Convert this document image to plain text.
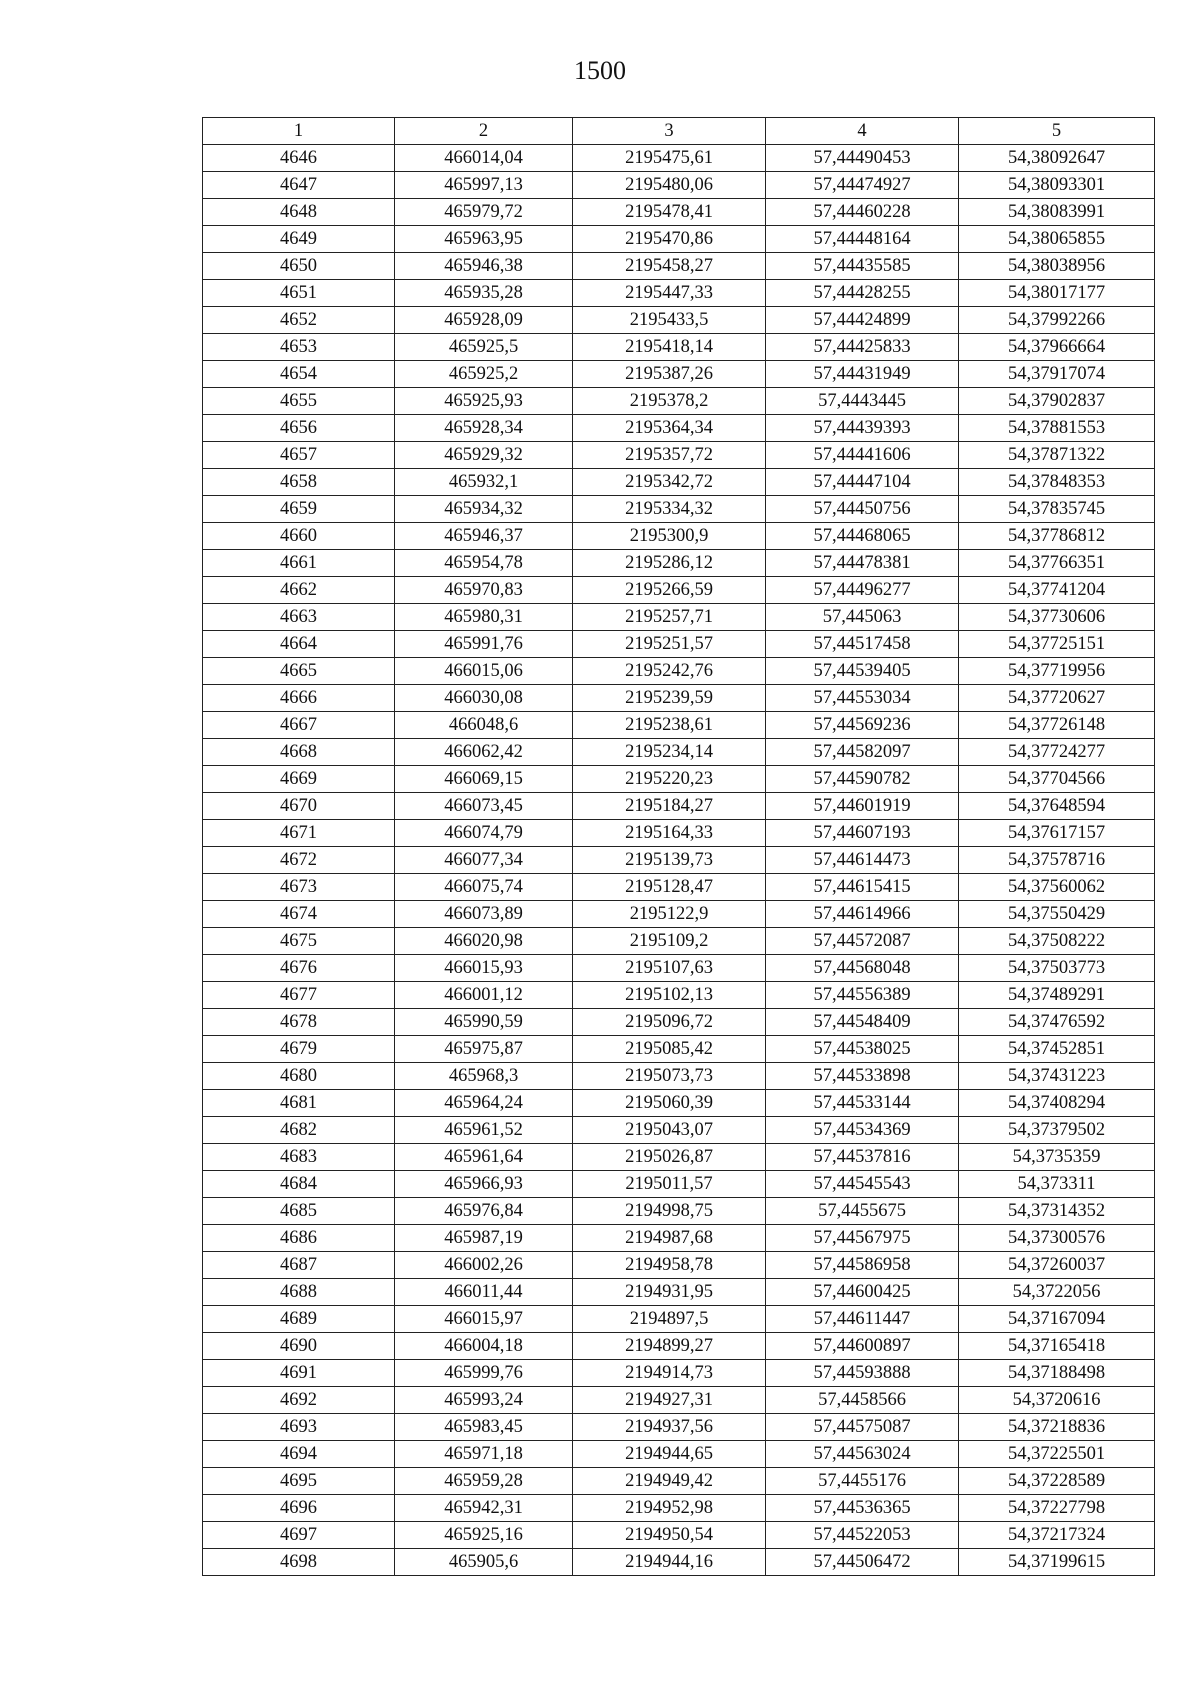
1500
1	2	3	4	5
4646	466014,04	2195475,61	57,44490453	54,38092647
4647	465997,13	2195480,06	57,44474927	54,38093301
4648	465979,72	2195478,41	57,44460228	54,38083991
4649	465963,95	2195470,86	57,44448164	54,38065855
4650	465946,38	2195458,27	57,44435585	54,38038956
4651	465935,28	2195447,33	57,44428255	54,38017177
4652	465928,09	2195433,5	57,44424899	54,37992266
4653	465925,5	2195418,14	57,44425833	54,37966664
4654	465925,2	2195387,26	57,44431949	54,37917074
4655	465925,93	2195378,2	57,4443445	54,37902837
4656	465928,34	2195364,34	57,44439393	54,37881553
4657	465929,32	2195357,72	57,44441606	54,37871322
4658	465932,1	2195342,72	57,44447104	54,37848353
4659	465934,32	2195334,32	57,44450756	54,37835745
4660	465946,37	2195300,9	57,44468065	54,37786812
4661	465954,78	2195286,12	57,44478381	54,37766351
4662	465970,83	2195266,59	57,44496277	54,37741204
4663	465980,31	2195257,71	57,445063	54,37730606
4664	465991,76	2195251,57	57,44517458	54,37725151
4665	466015,06	2195242,76	57,44539405	54,37719956
4666	466030,08	2195239,59	57,44553034	54,37720627
4667	466048,6	2195238,61	57,44569236	54,37726148
4668	466062,42	2195234,14	57,44582097	54,37724277
4669	466069,15	2195220,23	57,44590782	54,37704566
4670	466073,45	2195184,27	57,44601919	54,37648594
4671	466074,79	2195164,33	57,44607193	54,37617157
4672	466077,34	2195139,73	57,44614473	54,37578716
4673	466075,74	2195128,47	57,44615415	54,37560062
4674	466073,89	2195122,9	57,44614966	54,37550429
4675	466020,98	2195109,2	57,44572087	54,37508222
4676	466015,93	2195107,63	57,44568048	54,37503773
4677	466001,12	2195102,13	57,44556389	54,37489291
4678	465990,59	2195096,72	57,44548409	54,37476592
4679	465975,87	2195085,42	57,44538025	54,37452851
4680	465968,3	2195073,73	57,44533898	54,37431223
4681	465964,24	2195060,39	57,44533144	54,37408294
4682	465961,52	2195043,07	57,44534369	54,37379502
4683	465961,64	2195026,87	57,44537816	54,3735359
4684	465966,93	2195011,57	57,44545543	54,373311
4685	465976,84	2194998,75	57,4455675	54,37314352
4686	465987,19	2194987,68	57,44567975	54,37300576
4687	466002,26	2194958,78	57,44586958	54,37260037
4688	466011,44	2194931,95	57,44600425	54,3722056
4689	466015,97	2194897,5	57,44611447	54,37167094
4690	466004,18	2194899,27	57,44600897	54,37165418
4691	465999,76	2194914,73	57,44593888	54,37188498
4692	465993,24	2194927,31	57,4458566	54,3720616
4693	465983,45	2194937,56	57,44575087	54,37218836
4694	465971,18	2194944,65	57,44563024	54,37225501
4695	465959,28	2194949,42	57,4455176	54,37228589
4696	465942,31	2194952,98	57,44536365	54,37227798
4697	465925,16	2194950,54	57,44522053	54,37217324
4698	465905,6	2194944,16	57,44506472	54,37199615
